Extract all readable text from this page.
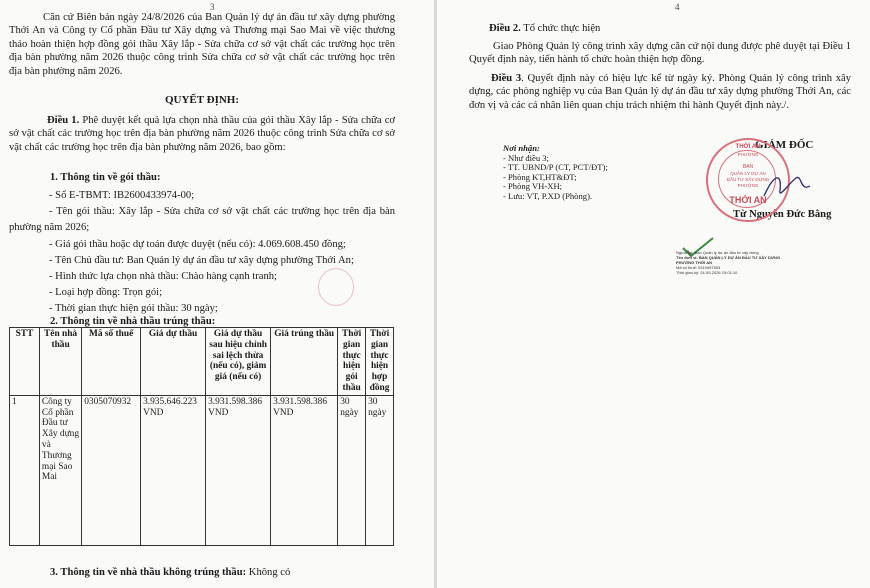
3
Căn cứ Biên bản ngày 24/8/2026 của Ban Quản lý dự án đầu tư xây dựng phường Thới An và Công ty Cổ phần Đầu tư Xây dựng và Thương mại Sao Mai về việc thương thảo hoàn thiện hợp đồng gói thầu Xây lắp - Sửa chữa cơ sở vật chất các trường học trên địa bàn phường năm 2026 thuộc công trình Sửa chữa cơ sở vật chất các trường học trên địa bàn phường năm 2026.
QUYẾT ĐỊNH:
Điều 1. Phê duyệt kết quả lựa chọn nhà thầu của gói thầu Xây lắp - Sửa chữa cơ sở vật chất các trường học trên địa bàn phường năm 2026 thuộc công trình Sửa chữa cơ sở vật chất các trường học trên địa bàn phường năm 2026, bao gồm:
1. Thông tin về gói thầu:
- Số E-TBMT: IB2600433974-00;
- Tên gói thầu: Xây lắp - Sửa chữa cơ sở vật chất các trường học trên địa bàn phường năm 2026;
- Giá gói thầu hoặc dự toán được duyệt (nếu có): 4.069.608.450 đồng;
- Tên Chủ đầu tư: Ban Quản lý dự án đầu tư xây dựng phường Thới An;
- Hình thức lựa chọn nhà thầu: Chào hàng cạnh tranh;
- Loại hợp đồng: Trọn gói;
- Thời gian thực hiện gói thầu: 30 ngày;
2. Thông tin về nhà thầu trúng thầu:
STT	Tên nhà thầu	Mã số thuế	Giá dự thầu	Giá dự thầu sau hiệu chỉnh sai lệch thừa (nếu có), giảm giá (nếu có)	Giá trúng thầu	Thời gian thực hiện gói thầu	Thời gian thực hiện hợp đồng
1	Công ty Cổ phần Đầu tư Xây dựng và Thương mại Sao Mai	0305070932	3.935.646.223 VND	3.931.598.386 VND	3.931.598.386 VND	30 ngày	30 ngày
3. Thông tin về nhà thầu không trúng thầu: Không có
4
Điều 2. Tổ chức thực hiện
Giao Phòng Quản lý công trình xây dựng căn cứ nội dung được phê duyệt tại Điều 1 Quyết định này, tiến hành tổ chức hoàn thiện hợp đồng.
Điều 3. Quyết định này có hiệu lực kể từ ngày ký. Phòng Quản lý công trình xây dựng, các phòng nghiệp vụ của Ban Quản lý dự án đầu tư xây dựng phường Thới An, các đơn vị và các cá nhân liên quan chịu trách nhiệm thi hành Quyết định này./.
Nơi nhận:
- Như điều 3;
- TT. UBND/P (CT, PCT/ĐT);
- Phòng KT,HT&ĐT;
- Phòng VH-XH;
- Lưu: VT, P.XD (Phòng).
GIÁM ĐỐC
Từ Nguyễn Đức Bằng
Người ký: Ban Quản lý dự án đầu tư xây dựng
Tên đơn vị: BAN QUẢN LÝ DỰ ÁN ĐẦU TƯ XÂY DỰNG PHƯỜNG THỚI AN
Mã số thuế: 0319497553
Thời gian ký: 24-09-2026 15:01:10
THỚI AN
PHƯỜNG
BAN
QUẢN LÝ DỰ ÁN
ĐẦU TƯ XÂY DỰNG
PHƯỜNG
THỚI AN
